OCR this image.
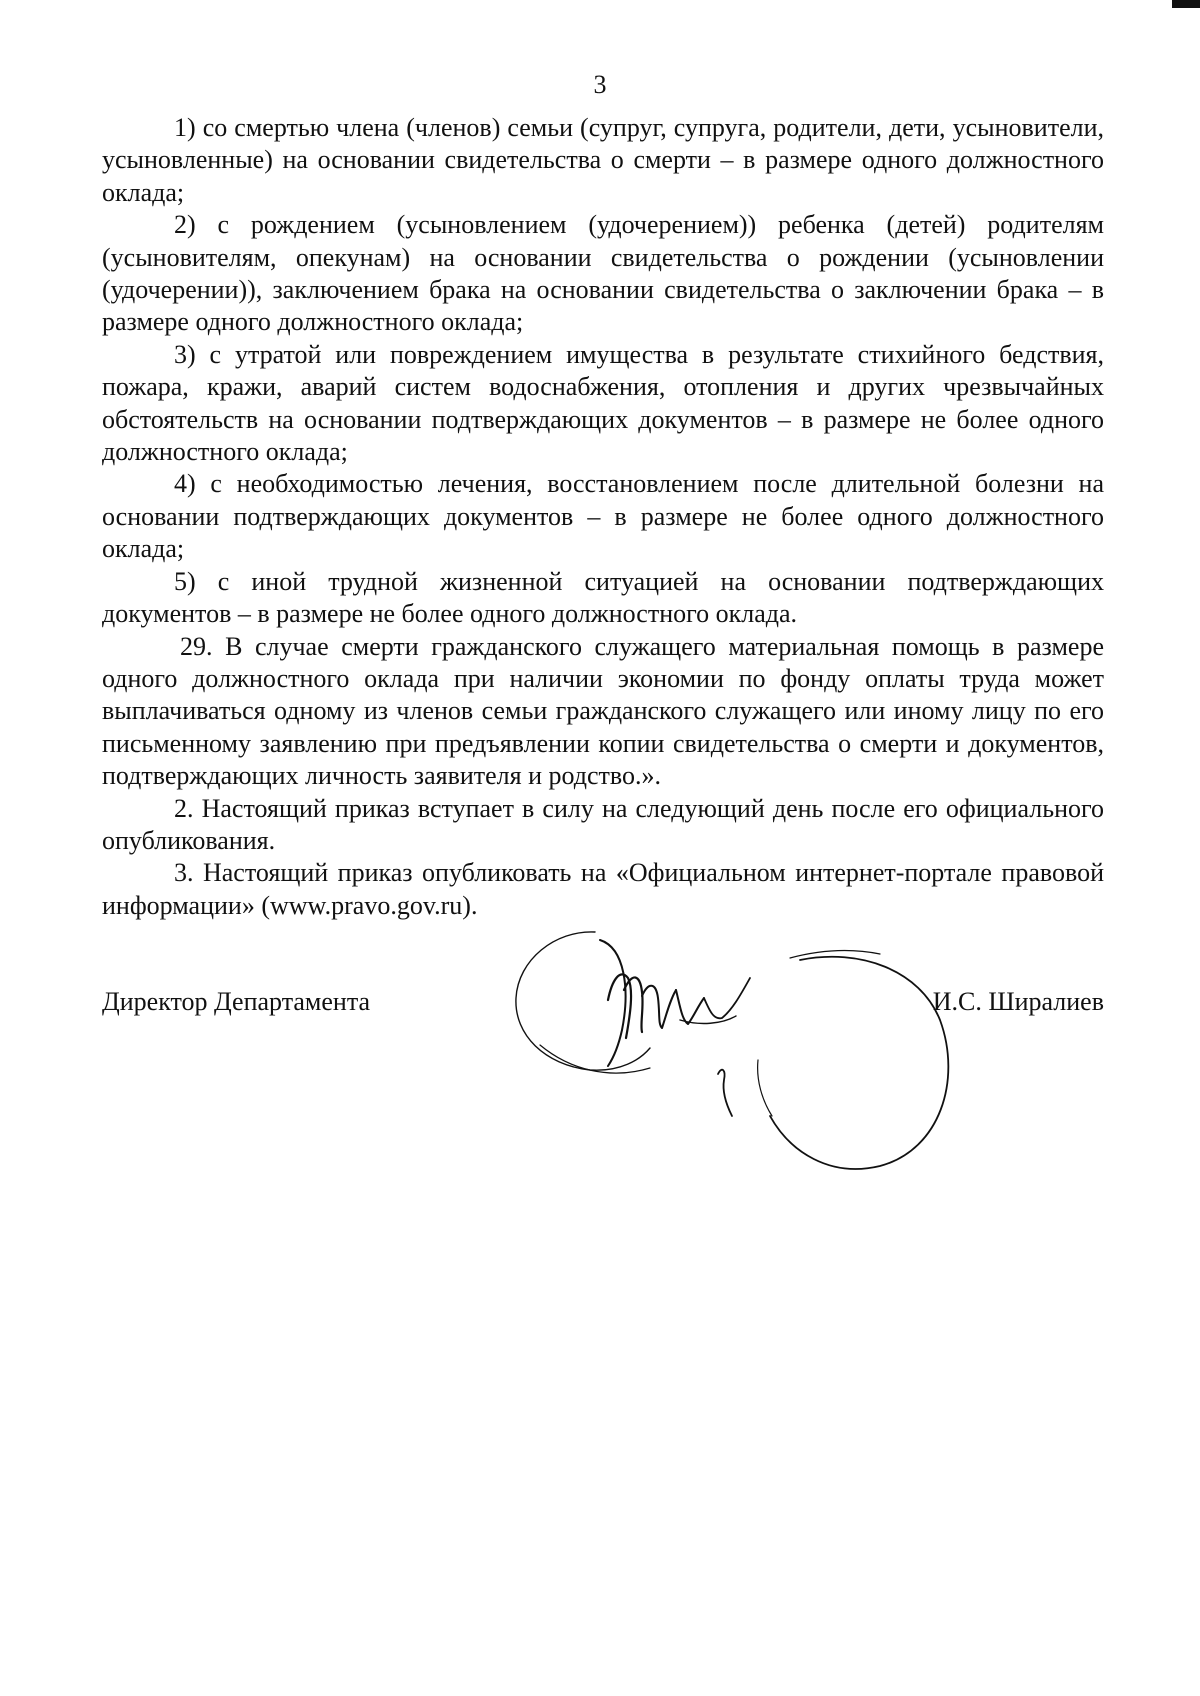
3

1) со смертью члена (членов) семьи (супруг, супруга, родители, дети, усыновители, усыновленные) на основании свидетельства о смерти – в размере одного должностного оклада;

2) с рождением (усыновлением (удочерением)) ребенка (детей) родителям (усыновителям, опекунам) на основании свидетельства о рождении (усыновлении (удочерении)), заключением брака на основании свидетельства о заключении брака – в размере одного должностного оклада;

3) с утратой или повреждением имущества в результате стихийного бедствия, пожара, кражи, аварий систем водоснабжения, отопления и других чрезвычайных обстоятельств на основании подтверждающих документов – в размере не более одного должностного оклада;

4) с необходимостью лечения, восстановлением после длительной болезни на основании подтверждающих документов – в размере не более одного должностного оклада;

5) с иной трудной жизненной ситуацией на основании подтверждающих документов – в размере не более одного должностного оклада.

29. В случае смерти гражданского служащего материальная помощь в размере одного должностного оклада при наличии экономии по фонду оплаты труда может выплачиваться одному из членов семьи гражданского служащего или иному лицу по его письменному заявлению при предъявлении копии свидетельства о смерти и документов, подтверждающих личность заявителя и родство.».

2. Настоящий приказ вступает в силу на следующий день после его официального опубликования.

3. Настоящий приказ опубликовать на «Официальном интернет-портале правовой информации» (www.pravo.gov.ru).

Директор Департамента	И.С. Ширалиев
